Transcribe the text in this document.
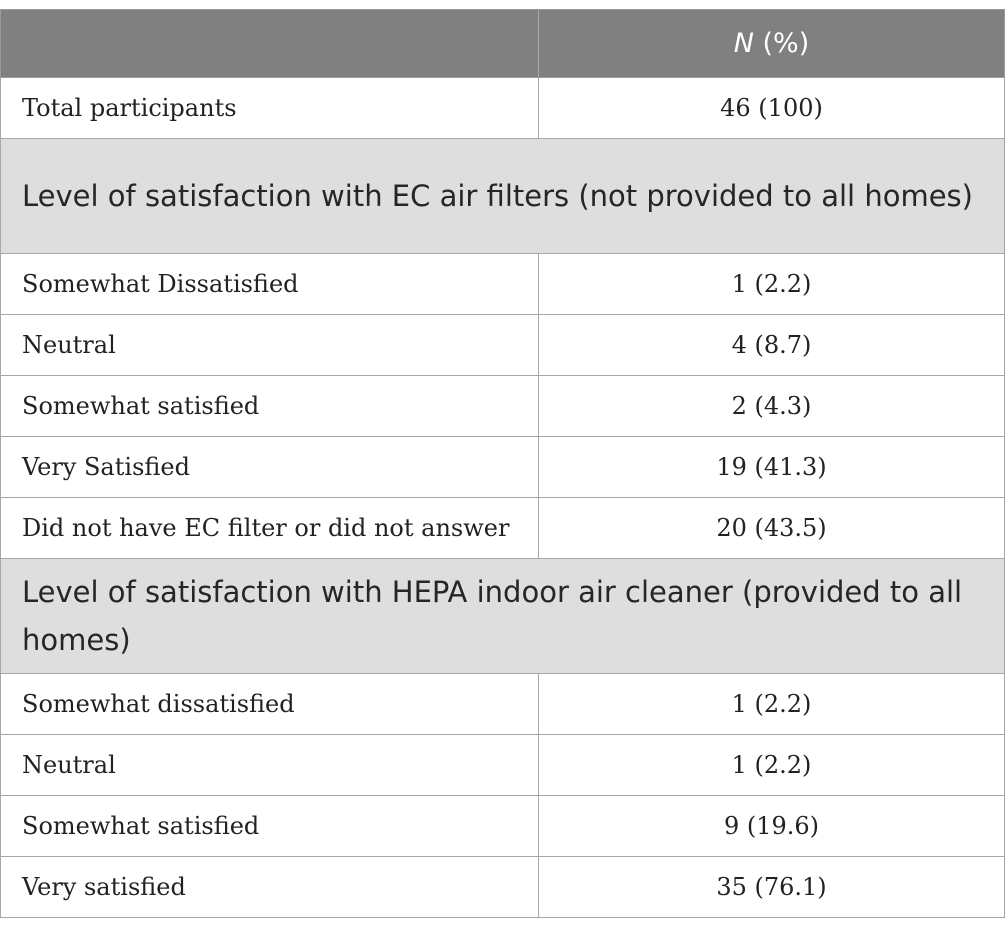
	N (%)
Total participants	46 (100)
Level of satisfaction with EC air filters (not provided to all homes)	
Somewhat Dissatisfied	1 (2.2)
Neutral	4 (8.7)
Somewhat satisfied	2 (4.3)
Very Satisfied	19 (41.3)
Did not have EC filter or did not answer	20 (43.5)
Level of satisfaction with HEPA indoor air cleaner (provided to all homes)	
Somewhat dissatisfied	1 (2.2)
Neutral	1 (2.2)
Somewhat satisfied	9 (19.6)
Very satisfied	35 (76.1)
